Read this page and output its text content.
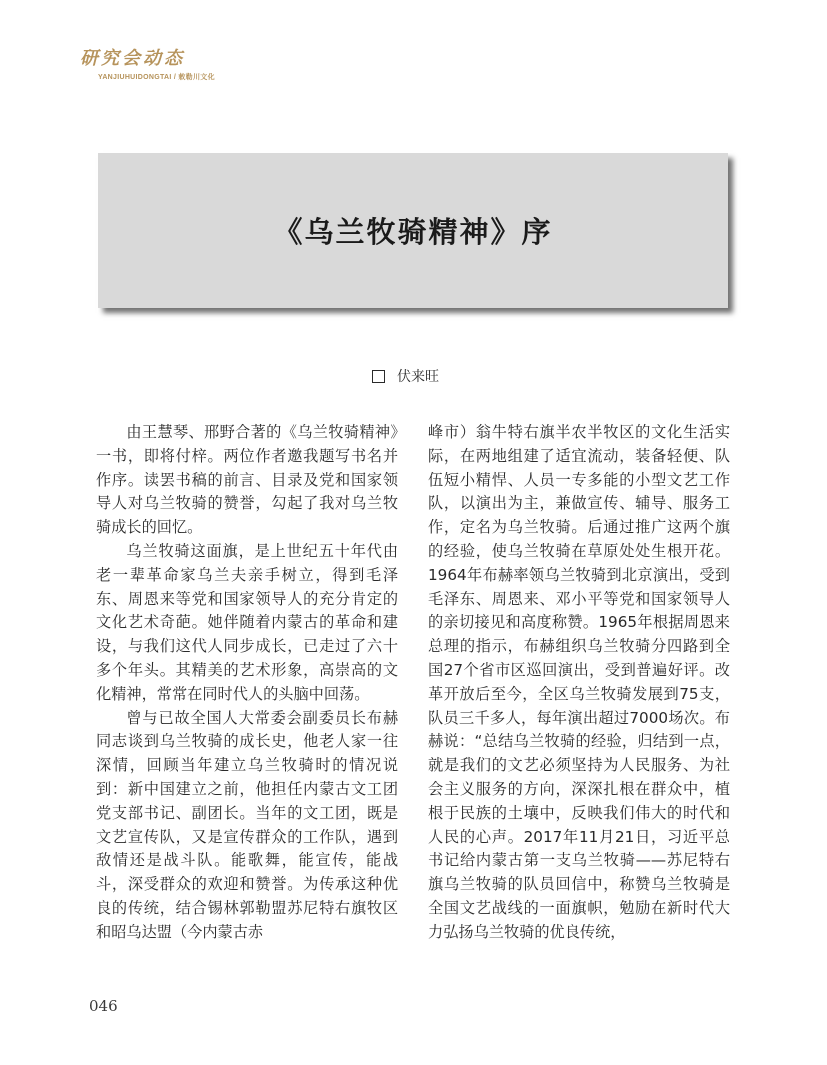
研究会动态
YANJIUHUIDONGTAI / 敕勒川文化
《乌兰牧骑精神》序
伏来旺

由王慧琴、邢野合著的《乌兰牧骑精神》一书，即将付梓。两位作者邀我题写书名并作序。读罢书稿的前言、目录及党和国家领导人对乌兰牧骑的赞誉，勾起了我对乌兰牧骑成长的回忆。

乌兰牧骑这面旗，是上世纪五十年代由老一辈革命家乌兰夫亲手树立，得到毛泽东、周恩来等党和国家领导人的充分肯定的文化艺术奇葩。她伴随着内蒙古的革命和建设，与我们这代人同步成长，已走过了六十多个年头。其精美的艺术形象，高崇高的文化精神，常常在同时代人的头脑中回荡。

曾与已故全国人大常委会副委员长布赫同志谈到乌兰牧骑的成长史，他老人家一往深情，回顾当年建立乌兰牧骑时的情况说到：新中国建立之前，他担任内蒙古文工团党支部书记、副团长。当年的文工团，既是文艺宣传队，又是宣传群众的工作队，遇到敌情还是战斗队。能歌舞，能宣传，能战斗，深受群众的欢迎和赞誉。为传承这种优良的传统，结合锡林郭勒盟苏尼特右旗牧区和昭乌达盟（今内蒙古赤

峰市）翁牛特右旗半农半牧区的文化生活实际，在两地组建了适宜流动，装备轻便、队伍短小精悍、人员一专多能的小型文艺工作队，以演出为主，兼做宣传、辅导、服务工作，定名为乌兰牧骑。后通过推广这两个旗的经验，使乌兰牧骑在草原处处生根开花。1964年布赫率领乌兰牧骑到北京演出，受到毛泽东、周恩来、邓小平等党和国家领导人的亲切接见和高度称赞。1965年根据周恩来总理的指示，布赫组织乌兰牧骑分四路到全国27个省市区巡回演出，受到普遍好评。改革开放后至今，全区乌兰牧骑发展到75支，队员三千多人，每年演出超过7000场次。布赫说：“总结乌兰牧骑的经验，归结到一点，就是我们的文艺必须坚持为人民服务、为社会主义服务的方向，深深扎根在群众中，植根于民族的土壤中，反映我们伟大的时代和人民的心声。2017年11月21日，习近平总书记给内蒙古第一支乌兰牧骑——苏尼特右旗乌兰牧骑的队员回信中，称赞乌兰牧骑是全国文艺战线的一面旗帜，勉励在新时代大力弘扬乌兰牧骑的优良传统，

046
